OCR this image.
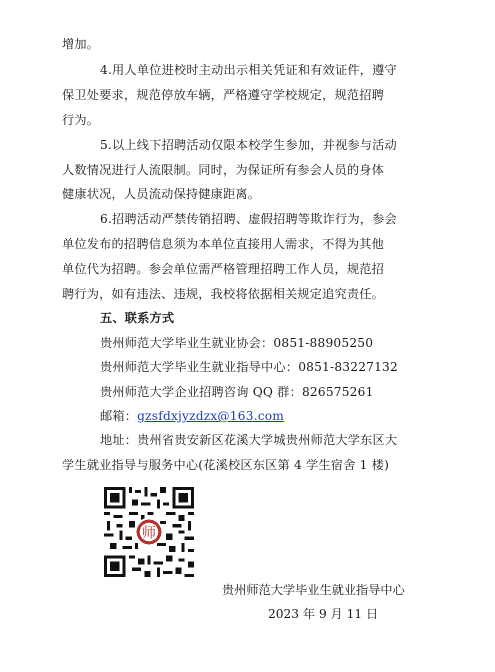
增加。
4.用人单位进校时主动出示相关凭证和有效证件，遵守
保卫处要求，规范停放车辆，严格遵守学校规定，规范招聘
行为。
5.以上线下招聘活动仅限本校学生参加，并视参与活动
人数情况进行人流限制。同时，为保证所有参会人员的身体
健康状况，人员流动保持健康距离。
6.招聘活动严禁传销招聘、虚假招聘等欺诈行为，参会
单位发布的招聘信息须为本单位直接用人需求，不得为其他
单位代为招聘。参会单位需严格管理招聘工作人员，规范招
聘行为，如有违法、违规，我校将依据相关规定追究责任。
五、联系方式
贵州师范大学毕业生就业协会：0851-88905250
贵州师范大学毕业生就业指导中心：0851-83227132
贵州师范大学企业招聘咨询 QQ 群：826575261
邮箱：gzsfdxjyzdzx@163.com
地址：贵州省贵安新区花溪大学城贵州师范大学东区大
学生就业指导与服务中心(花溪校区东区第 4 学生宿舍 1 楼)
师
贵州师范大学毕业生就业指导中心
2023 年 9 月 11 日
